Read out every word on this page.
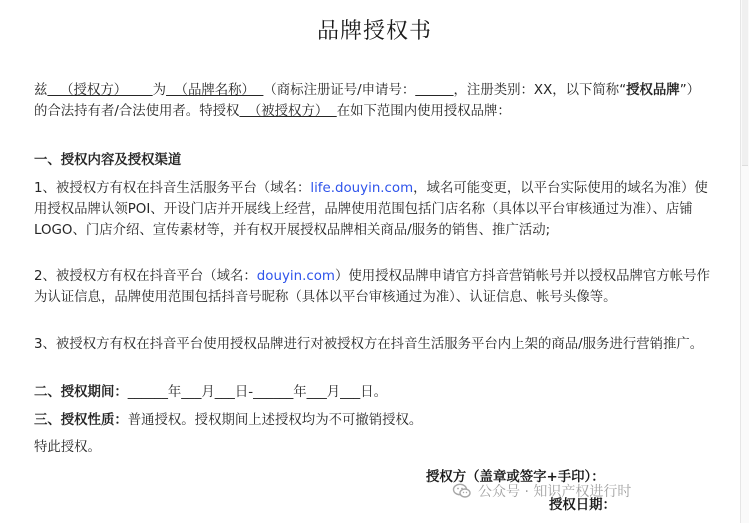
品牌授权书
兹   （授权方）      为  （品牌名称）  （商标注册证号/申请号：	，注册类别：XX，以下简称“授权品牌”）的合法持有者/合法使用者。特授权  （被授权方）  在如下范围内使用授权品牌：
一、授权内容及授权渠道
1、被授权方有权在抖音生活服务平台（域名：life.douyin.com，域名可能变更，以平台实际使用的域名为准）使用授权品牌认领POI、开设门店并开展线上经营，品牌使用范围包括门店名称（具体以平台审核通过为准）、店铺LOGO、门店介绍、宣传素材等，并有权开展授权品牌相关商品/服务的销售、推广活动;
2、被授权方有权在抖音平台（域名：douyin.com）使用授权品牌申请官方抖音营销帐号并以授权品牌官方帐号作为认证信息，品牌使用范围包括抖音号昵称（具体以平台审核通过为准）、认证信息、帐号头像等。
3、被授权方有权在抖音平台使用授权品牌进行对被授权方在抖音生活服务平台内上架的商品/服务进行营销推广。
二、授权期间：______年___月___日-______年___月___日。
三、授权性质：普通授权。授权期间上述授权均为不可撤销授权。
特此授权。
授权方（盖章或签字+手印）：
授权日期：
公众号 · 知识产权进行时
